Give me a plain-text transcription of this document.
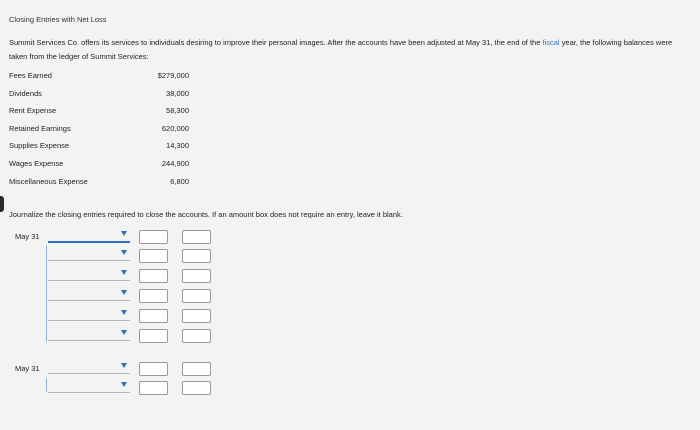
Closing Entries with Net Loss
Summit Services Co. offers its services to individuals desiring to improve their personal images. After the accounts have been adjusted at May 31, the end of the fiscal year, the following balances were taken from the ledger of Summit Services:
Fees Earned	$279,000
Dividends	38,000
Rent Expense	58,300
Retained Earnings	620,000
Supplies Expense	14,300
Wages Expense	244,900
Miscellaneous Expense	6,800
Journalize the closing entries required to close the accounts. If an amount box does not require an entry, leave it blank.
May 31
May 31
